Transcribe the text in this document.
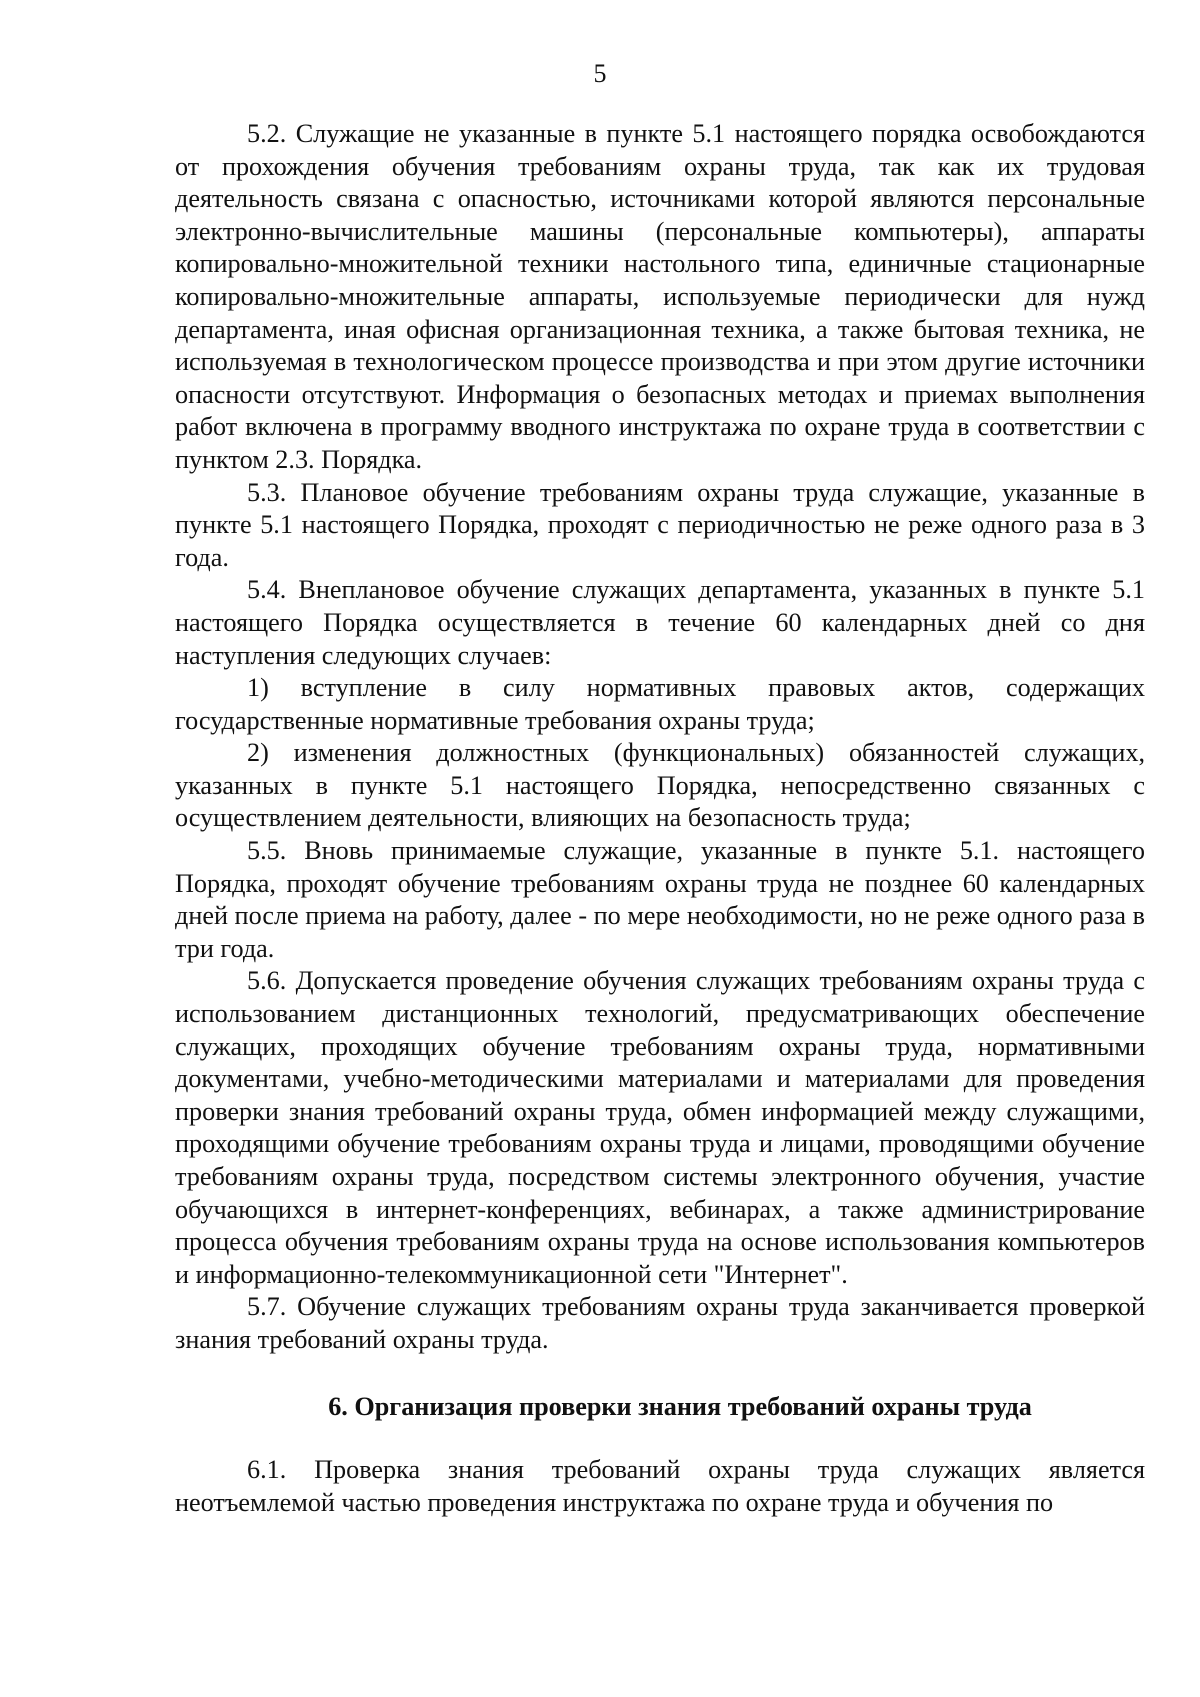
5

5.2. Служащие не указанные в пункте 5.1 настоящего порядка освобождаются от прохождения обучения требованиям охраны труда, так как их трудовая деятельность связана с опасностью, источниками которой являются персональные электронно-вычислительные машины (персональные компьютеры), аппараты копировально-множительной техники настольного типа, единичные стационарные копировально-множительные аппараты, используемые периодически для нужд департамента, иная офисная организационная техника, а также бытовая техника, не используемая в технологическом процессе производства и при этом другие источники опасности отсутствуют. Информация о безопасных методах и приемах выполнения работ включена в программу вводного инструктажа по охране труда в соответствии с пунктом 2.3. Порядка.

5.3. Плановое обучение требованиям охраны труда служащие, указанные в пункте 5.1 настоящего Порядка, проходят с периодичностью не реже одного раза в 3 года.

5.4. Внеплановое обучение служащих департамента, указанных в пункте 5.1 настоящего Порядка осуществляется в течение 60 календарных дней со дня наступления следующих случаев:

1) вступление в силу нормативных правовых актов, содержащих государственные нормативные требования охраны труда;

2) изменения должностных (функциональных) обязанностей служащих, указанных в пункте 5.1 настоящего Порядка, непосредственно связанных с осуществлением деятельности, влияющих на безопасность труда;

5.5. Вновь принимаемые служащие, указанные в пункте 5.1. настоящего Порядка, проходят обучение требованиям охраны труда не позднее 60 календарных дней после приема на работу, далее - по мере необходимости, но не реже одного раза в три года.

5.6. Допускается проведение обучения служащих требованиям охраны труда с использованием дистанционных технологий, предусматривающих обеспечение служащих, проходящих обучение требованиям охраны труда, нормативными документами, учебно-методическими материалами и материалами для проведения проверки знания требований охраны труда, обмен информацией между служащими, проходящими обучение требованиям охраны труда и лицами, проводящими обучение требованиям охраны труда, посредством системы электронного обучения, участие обучающихся в интернет-конференциях, вебинарах, а также администрирование процесса обучения требованиям охраны труда на основе использования компьютеров и информационно-телекоммуникационной сети "Интернет".

5.7. Обучение служащих требованиям охраны труда заканчивается проверкой знания требований охраны труда.

6. Организация проверки знания требований охраны труда

6.1. Проверка знания требований охраны труда служащих является неотъемлемой частью проведения инструктажа по охране труда и обучения по
